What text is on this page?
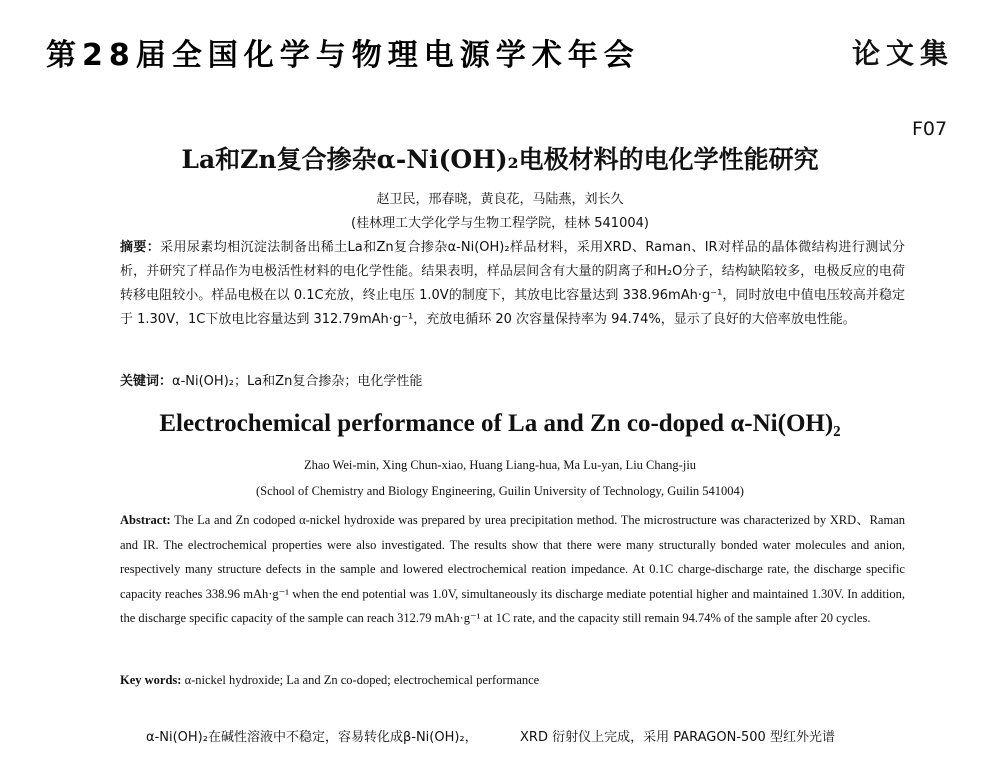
第28届全国化学与物理电源学术年会	论文集
F07
La和Zn复合掺杂α-Ni(OH)₂电极材料的电化学性能研究
赵卫民，邢春晓，黄良花，马陆燕，刘长久
(桂林理工大学化学与生物工程学院，桂林 541004)
摘要：采用尿素均相沉淀法制备出稀土La和Zn复合掺杂α-Ni(OH)₂样品材料，采用XRD、Raman、IR对样品的晶体微结构进行测试分析，并研究了样品作为电极活性材料的电化学性能。结果表明，样品层间含有大量的阴离子和H₂O分子，结构缺陷较多，电极反应的电荷转移电阻较小。样品电极在以 0.1C充放，终止电压 1.0V的制度下，其放电比容量达到 338.96mAh·g⁻¹，同时放电中值电压较高并稳定于 1.30V，1C下放电比容量达到 312.79mAh·g⁻¹，充放电循环 20 次容量保持率为 94.74%，显示了良好的大倍率放电性能。
关键词：α-Ni(OH)₂；La和Zn复合掺杂；电化学性能
Electrochemical performance of La and Zn co-doped α-Ni(OH)₂
Zhao Wei-min, Xing Chun-xiao, Huang Liang-hua, Ma Lu-yan, Liu Chang-jiu
(School of Chemistry and Biology Engineering, Guilin University of Technology, Guilin 541004)
Abstract: The La and Zn codoped α-nickel hydroxide was prepared by urea precipitation method. The microstructure was characterized by XRD、Raman and IR. The electrochemical properties were also investigated. The results show that there were many structurally bonded water molecules and anion, respectively many structure defects in the sample and lowered electrochemical reation impedance. At 0.1C charge-discharge rate, the discharge specific capacity reaches 338.96 mAh·g⁻¹ when the end potential was 1.0V, simultaneously its discharge mediate potential higher and maintained 1.30V. In addition, the discharge specific capacity of the sample can reach 312.79 mAh·g⁻¹ at 1C rate, and the capacity still remain 94.74% of the sample after 20 cycles.
Key words: α-nickel hydroxide; La and Zn co-doped; electrochemical performance
α-Ni(OH)₂在碱性溶液中不稳定，容易转化成β-Ni(OH)₂，	XRD 衍射仪上完成，采用 PARAGON-500 型红外光谱
